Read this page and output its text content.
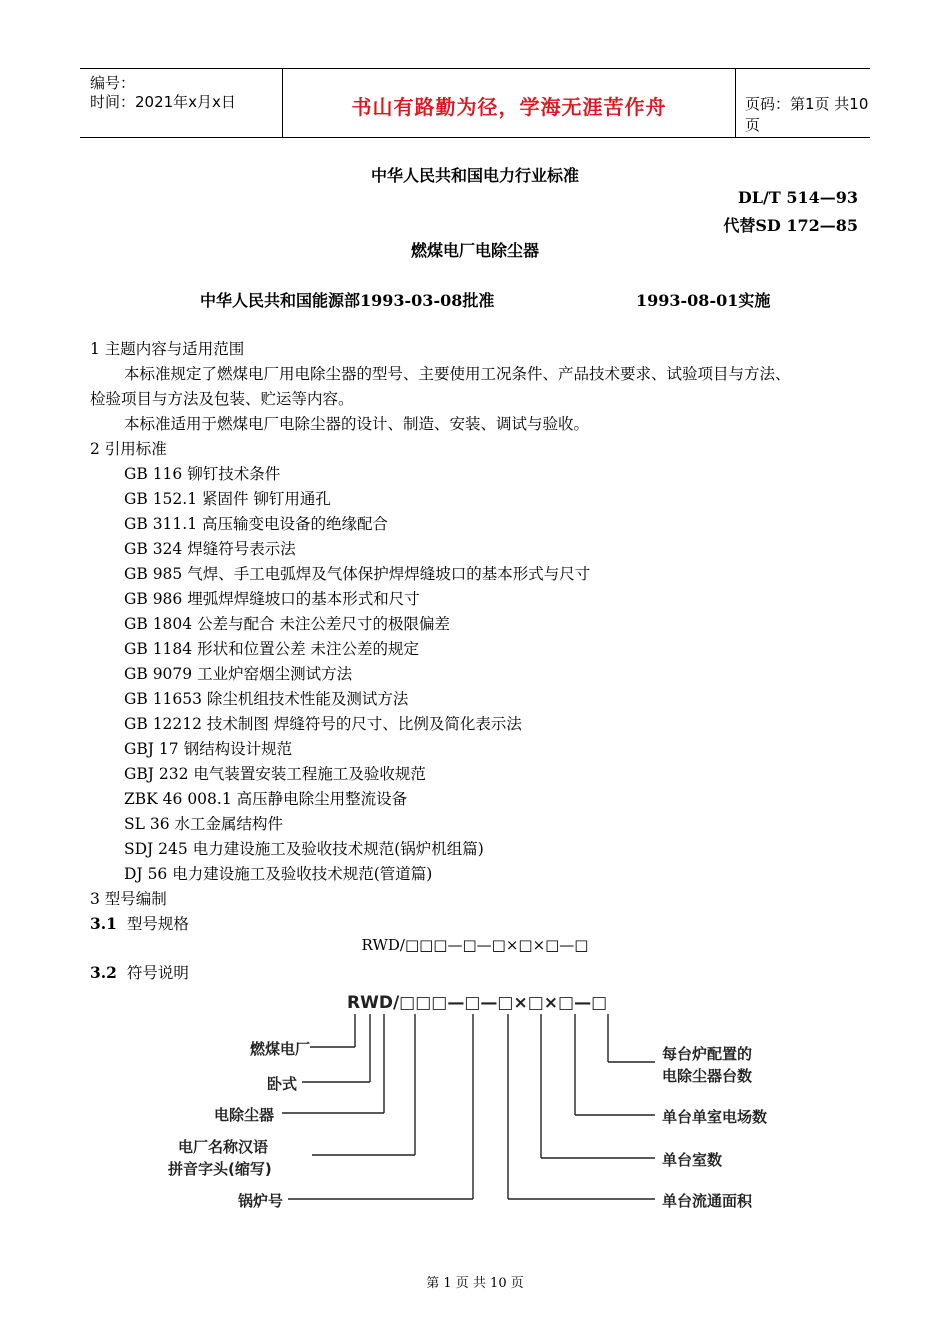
编号：
时间：2021年x月x日	书山有路勤为径，学海无涯苦作舟	页码：第1页 共10页
中华人民共和国电力行业标准
DL/T 514—93
代替SD 172—85
燃煤电厂电除尘器
中华人民共和国能源部1993-03-08批准	1993-08-01实施
1 主题内容与适用范围
本标准规定了燃煤电厂用电除尘器的型号、主要使用工况条件、产品技术要求、试验项目与方法、
检验项目与方法及包装、贮运等内容。
本标准适用于燃煤电厂电除尘器的设计、制造、安装、调试与验收。
2 引用标准
GB 116 铆钉技术条件
GB 152.1 紧固件 铆钉用通孔
GB 311.1 高压输变电设备的绝缘配合
GB 324 焊缝符号表示法
GB 985 气焊、手工电弧焊及气体保护焊焊缝坡口的基本形式与尺寸
GB 986 埋弧焊焊缝坡口的基本形式和尺寸
GB 1804 公差与配合 未注公差尺寸的极限偏差
GB 1184 形状和位置公差 未注公差的规定
GB 9079 工业炉窑烟尘测试方法
GB 11653 除尘机组技术性能及测试方法
GB 12212 技术制图 焊缝符号的尺寸、比例及简化表示法
GBJ 17 钢结构设计规范
GBJ 232 电气装置安装工程施工及验收规范
ZBK 46 008.1 高压静电除尘用整流设备
SL 36 水工金属结构件
SDJ 245 电力建设施工及验收技术规范(锅炉机组篇)
DJ 56 电力建设施工及验收技术规范(管道篇)
3 型号编制
3.1 型号规格
RWD/□□□—□—□×□×□—□
3.2 符号说明
RWD/□□□—□—□×□×□—□
燃煤电厂
卧式
电除尘器
电厂名称汉语
拼音字头(缩写)
锅炉号
每台炉配置的
电除尘器台数
单台单室电场数
单台室数
单台流通面积
第 1 页 共 10 页
